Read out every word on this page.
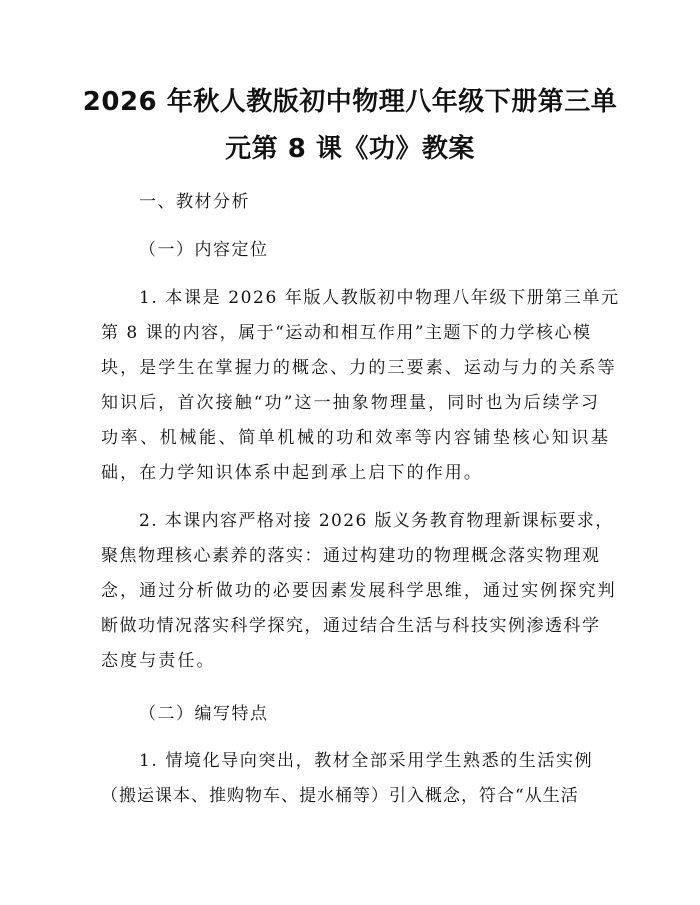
2026 年秋人教版初中物理八年级下册第三单
元第 8 课《功》教案
一、教材分析
（一）内容定位
1. 本课是 2026 年版人教版初中物理八年级下册第三单元
第 8 课的内容，属于“运动和相互作用”主题下的力学核心模
块，是学生在掌握力的概念、力的三要素、运动与力的关系等
知识后，首次接触“功”这一抽象物理量，同时也为后续学习
功率、机械能、简单机械的功和效率等内容铺垫核心知识基
础，在力学知识体系中起到承上启下的作用。
2. 本课内容严格对接 2026 版义务教育物理新课标要求，
聚焦物理核心素养的落实：通过构建功的物理概念落实物理观
念，通过分析做功的必要因素发展科学思维，通过实例探究判
断做功情况落实科学探究，通过结合生活与科技实例渗透科学
态度与责任。
（二）编写特点
1. 情境化导向突出，教材全部采用学生熟悉的生活实例
（搬运课本、推购物车、提水桶等）引入概念，符合“从生活
